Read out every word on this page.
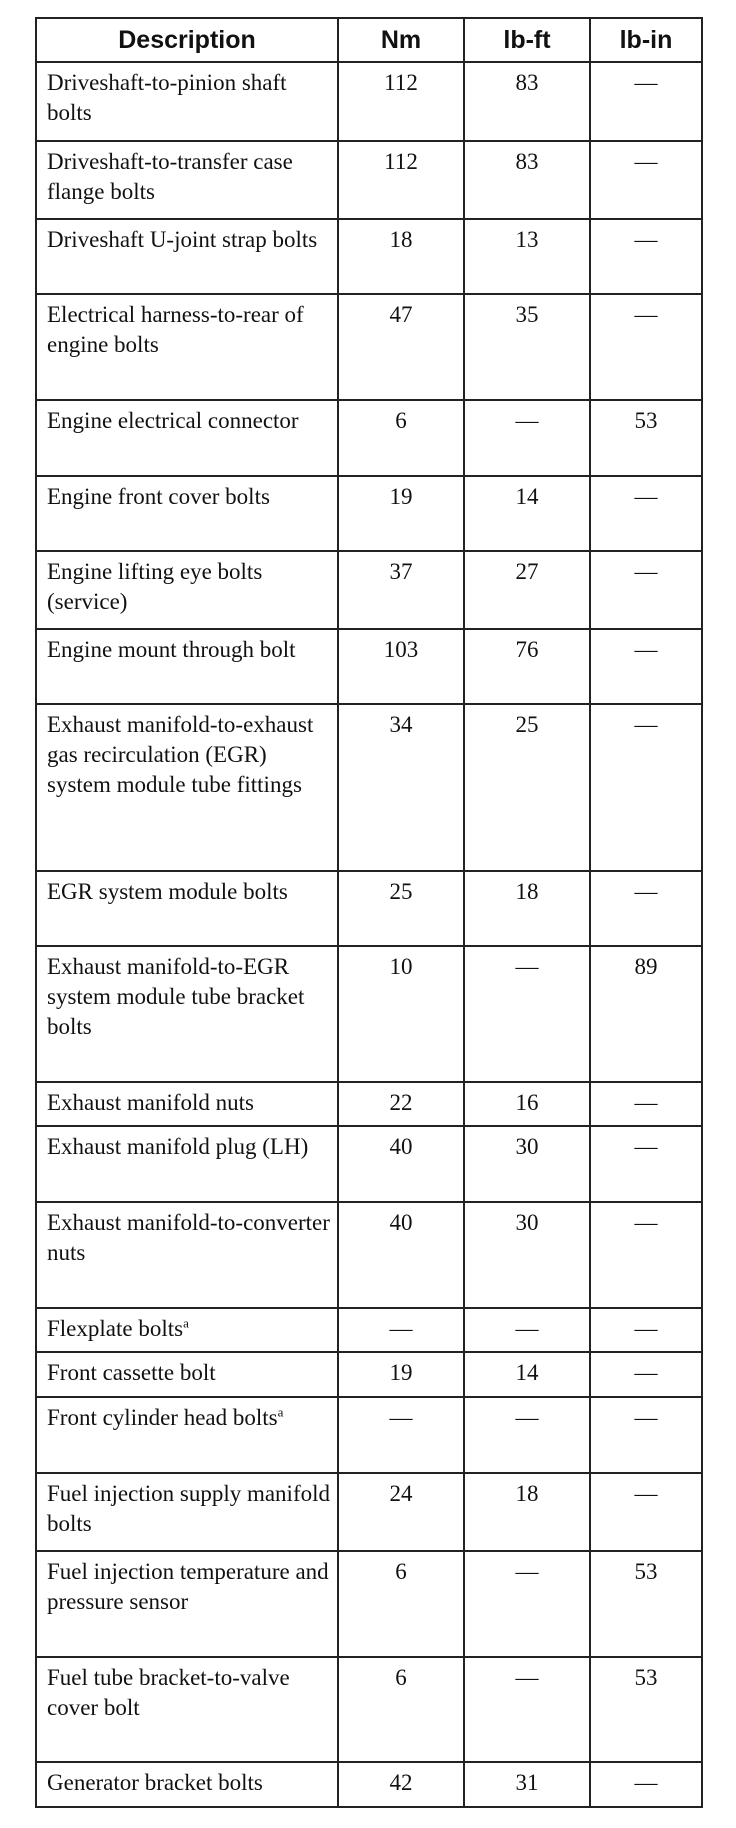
Description	Nm	lb-ft	lb-in
Driveshaft-to-pinion shaft bolts	112	83	—
Driveshaft-to-transfer case flange bolts	112	83	—
Driveshaft U-joint strap bolts	18	13	—
Electrical harness-to-rear of engine bolts	47	35	—
Engine electrical connector	6	—	53
Engine front cover bolts	19	14	—
Engine lifting eye bolts (service)	37	27	—
Engine mount through bolt	103	76	—
Exhaust manifold-to-exhaust gas recirculation (EGR) system module tube fittings	34	25	—
EGR system module bolts	25	18	—
Exhaust manifold-to-EGR system module tube bracket bolts	10	—	89
Exhaust manifold nuts	22	16	—
Exhaust manifold plug (LH)	40	30	—
Exhaust manifold-to-converter nuts	40	30	—
Flexplate bolts$^a$	—	—	—
Front cassette bolt	19	14	—
Front cylinder head bolts$^a$	—	—	—
Fuel injection supply manifold bolts	24	18	—
Fuel injection temperature and pressure sensor	6	—	53
Fuel tube bracket-to-valve cover bolt	6	—	53
Generator bracket bolts	42	31	—
